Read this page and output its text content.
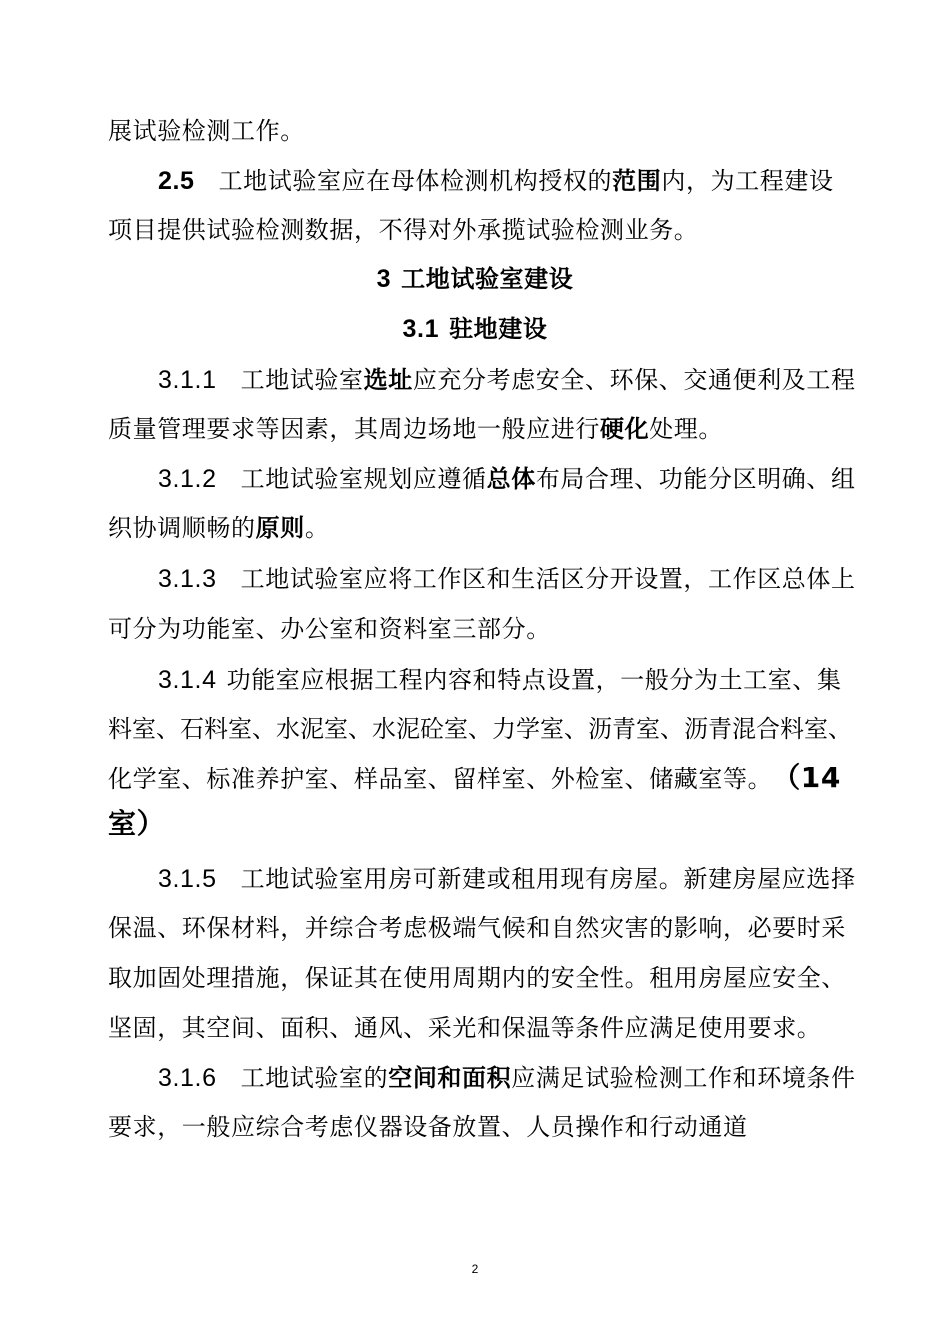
展试验检测工作。
2.5 工地试验室应在母体检测机构授权的范围内，为工程建设
项目提供试验检测数据，不得对外承揽试验检测业务。
3 工地试验室建设
3.1 驻地建设
3.1.1 工地试验室选址应充分考虑安全、环保、交通便利及工程
质量管理要求等因素，其周边场地一般应进行硬化处理。
3.1.2 工地试验室规划应遵循总体布局合理、功能分区明确、组
织协调顺畅的原则。
3.1.3 工地试验室应将工作区和生活区分开设置，工作区总体上
可分为功能室、办公室和资料室三部分。
3.1.4 功能室应根据工程内容和特点设置，一般分为土工室、集
料室、石料室、水泥室、水泥砼室、力学室、沥青室、沥青混合料室、
化学室、标准养护室、样品室、留样室、外检室、储藏室等。 （14
室）
3.1.5 工地试验室用房可新建或租用现有房屋。新建房屋应选择
保温、环保材料，并综合考虑极端气候和自然灾害的影响，必要时采
取加固处理措施，保证其在使用周期内的安全性。租用房屋应安全、
坚固，其空间、面积、通风、采光和保温等条件应满足使用要求。
3.1.6 工地试验室的空间和面积应满足试验检测工作和环境条件
要求，一般应综合考虑仪器设备放置、人员操作和行动通道
2
